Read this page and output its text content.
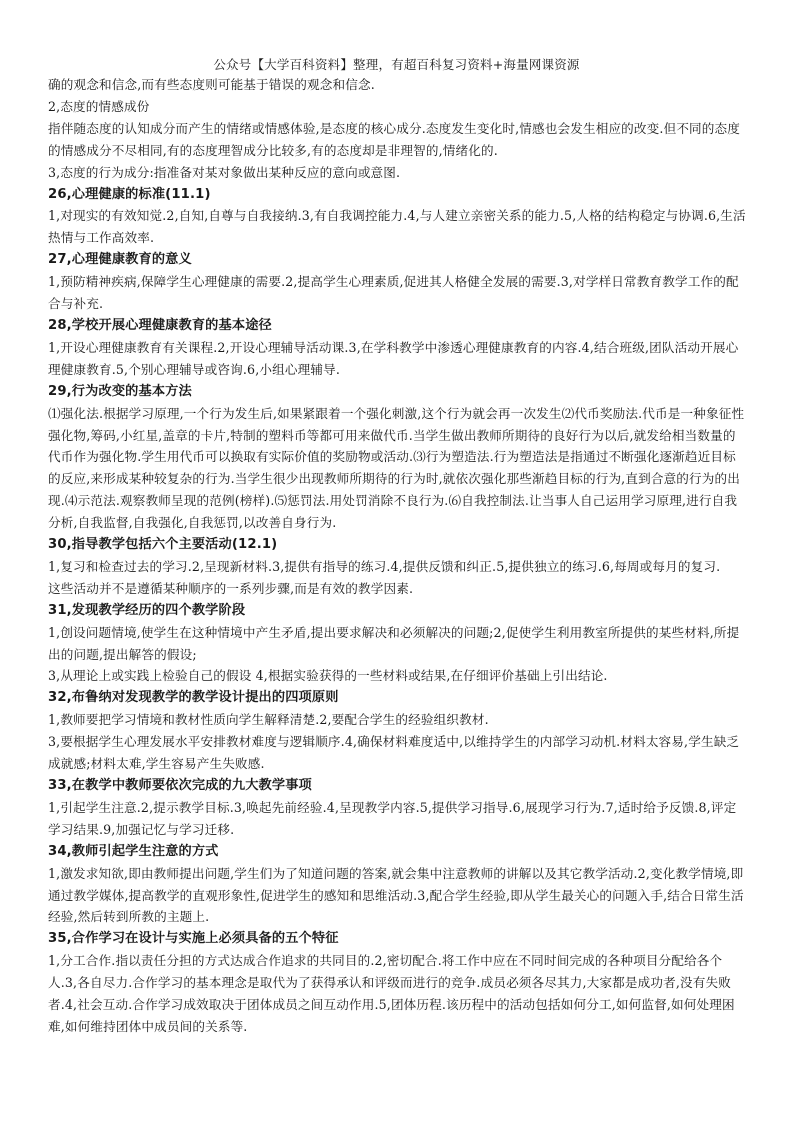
公众号【大学百科资料】整理，有超百科复习资料+海量网课资源

确的观念和信念,而有些态度则可能基于错误的观念和信念.

2,态度的情感成份

指伴随态度的认知成分而产生的情绪或情感体验,是态度的核心成分.态度发生变化时,情感也会发生相应的改变.但不同的态度的情感成分不尽相同,有的态度理智成分比较多,有的态度却是非理智的,情绪化的.

3,态度的行为成分:指准备对某对象做出某种反应的意向或意图.

26,心理健康的标准(11.1)

1,对现实的有效知觉.2,自知,自尊与自我接纳.3,有自我调控能力.4,与人建立亲密关系的能力.5,人格的结构稳定与协调.6,生活热情与工作高效率.

27,心理健康教育的意义

1,预防精神疾病,保障学生心理健康的需要.2,提高学生心理素质,促进其人格健全发展的需要.3,对学样日常教育教学工作的配合与补充.

28,学校开展心理健康教育的基本途径

1,开设心理健康教育有关课程.2,开设心理辅导活动课.3,在学科教学中渗透心理健康教育的内容.4,结合班级,团队活动开展心理健康教育.5,个别心理辅导或咨询.6,小组心理辅导.

29,行为改变的基本方法

⑴强化法.根据学习原理,一个行为发生后,如果紧跟着一个强化刺激,这个行为就会再一次发生⑵代币奖励法.代币是一种象征性强化物,筹码,小红星,盖章的卡片,特制的塑料币等都可用来做代币.当学生做出教师所期待的良好行为以后,就发给相当数量的代币作为强化物.学生用代币可以换取有实际价值的奖励物或活动.⑶行为塑造法.行为塑造法是指通过不断强化逐渐趋近目标的反应,来形成某种较复杂的行为.当学生很少出现教师所期待的行为时,就依次强化那些渐趋目标的行为,直到合意的行为的出现.⑷示范法.观察教师呈现的范例(榜样).⑸惩罚法.用处罚消除不良行为.⑹自我控制法.让当事人自己运用学习原理,进行自我分析,自我监督,自我强化,自我惩罚,以改善自身行为.

30,指导教学包括六个主要活动(12.1)

1,复习和检查过去的学习.2,呈现新材料.3,提供有指导的练习.4,提供反馈和纠正.5,提供独立的练习.6,每周或每月的复习.

这些活动并不是遵循某种顺序的一系列步骤,而是有效的教学因素.

31,发现教学经历的四个教学阶段

1,创设问题情境,使学生在这种情境中产生矛盾,提出要求解决和必须解决的问题;2,促使学生利用教室所提供的某些材料,所提出的问题,提出解答的假设;

3,从理论上或实践上检验自己的假设 4,根据实验获得的一些材料或结果,在仔细评价基础上引出结论.

32,布鲁纳对发现教学的教学设计提出的四项原则

1,教师要把学习情境和教材性质向学生解释清楚.2,要配合学生的经验组织教材.

3,要根据学生心理发展水平安排教材难度与逻辑顺序.4,确保材料难度适中,以维持学生的内部学习动机.材料太容易,学生缺乏成就感;材料太难,学生容易产生失败感.

33,在教学中教师要依次完成的九大教学事项

1,引起学生注意.2,提示教学目标.3,唤起先前经验.4,呈现教学内容.5,提供学习指导.6,展现学习行为.7,适时给予反馈.8,评定学习结果.9,加强记忆与学习迁移.

34,教师引起学生注意的方式

1,激发求知欲,即由教师提出问题,学生们为了知道问题的答案,就会集中注意教师的讲解以及其它教学活动.2,变化教学情境,即通过教学媒体,提高教学的直观形象性,促进学生的感知和思维活动.3,配合学生经验,即从学生最关心的问题入手,结合日常生活经验,然后转到所教的主题上.

35,合作学习在设计与实施上必须具备的五个特征

1,分工合作.指以责任分担的方式达成合作追求的共同目的.2,密切配合.将工作中应在不同时间完成的各种项目分配给各个人.3,各自尽力.合作学习的基本理念是取代为了获得承认和评级而进行的竞争.成员必须各尽其力,大家都是成功者,没有失败者.4,社会互动.合作学习成效取决于团体成员之间互动作用.5,团体历程.该历程中的活动包括如何分工,如何监督,如何处理困难,如何维持团体中成员间的关系等.
